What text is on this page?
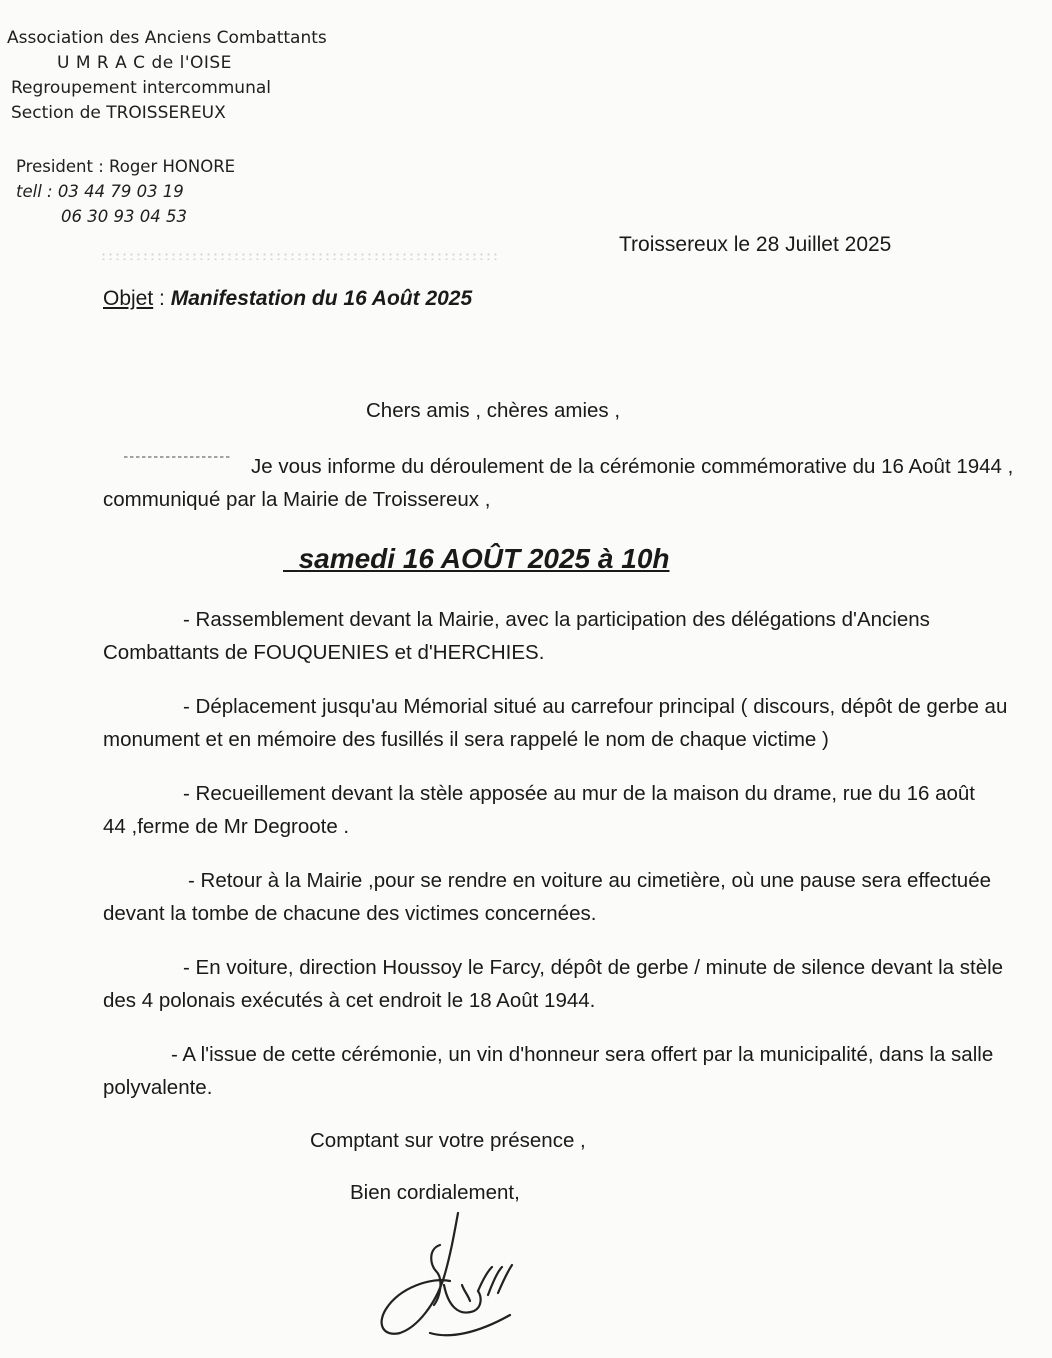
Association des Anciens Combattants
U M R A C de l'OISE
Regroupement intercommunal
Section de TROISSEREUX
President : Roger HONORE
tell : 03 44 79 03 19
06 30 93 04 53
Troissereux le 28 Juillet 2025
Objet : Manifestation du 16 Août 2025
Chers amis , chères amies ,
Je vous informe du déroulement de la cérémonie commémorative du 16 Août 1944 ,
communiqué par la Mairie de Troissereux ,
samedi 16 AOÛT 2025 à 10h
- Rassemblement devant la Mairie, avec la participation des délégations d'Anciens
Combattants de FOUQUENIES et d'HERCHIES.
- Déplacement jusqu'au Mémorial situé au carrefour principal ( discours, dépôt de gerbe au
monument et en mémoire des fusillés il sera rappelé le nom de chaque victime )
- Recueillement devant la stèle apposée au mur de la maison du drame, rue du 16 août
44 ,ferme de Mr Degroote .
- Retour à la Mairie ,pour se rendre en voiture au cimetière, où une pause sera effectuée
devant la tombe de chacune des victimes concernées.
- En voiture, direction Houssoy le Farcy, dépôt de gerbe / minute de silence devant la stèle
des 4 polonais exécutés à cet endroit le 18 Août 1944.
- A l'issue de cette cérémonie, un vin d'honneur sera offert par la municipalité, dans la salle
polyvalente.
Comptant sur votre présence ,
Bien cordialement,
